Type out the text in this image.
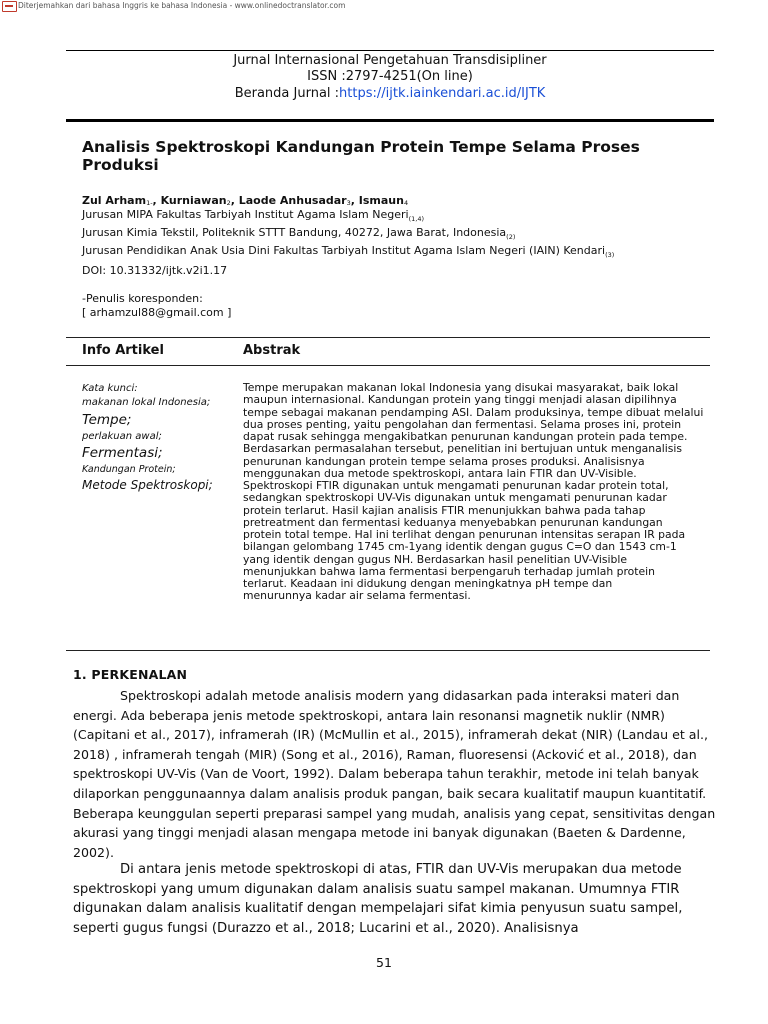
Diterjemahkan dari bahasa Inggris ke bahasa Indonesia - www.onlinedoctranslator.com
Jurnal Internasional Pengetahuan Transdisipliner
ISSN :2797-4251(On line)
Beranda Jurnal :https://ijtk.iainkendari.ac.id/IJTK
Analisis Spektroskopi Kandungan Protein Tempe Selama Proses
Produksi
Zul Arham$_{1-}$, Kurniawan$_2$, Laode Anhusadar$_3$, Ismaun$_4$
Jurusan MIPA Fakultas Tarbiyah Institut Agama Islam Negeri$_{(1,4)}$
Jurusan Kimia Tekstil, Politeknik STTT Bandung, 40272, Jawa Barat, Indonesia$_{(2)}$
Jurusan Pendidikan Anak Usia Dini Fakultas Tarbiyah Institut Agama Islam Negeri (IAIN) Kendari$_{(3)}$
DOI: 10.31332/ijtk.v2i1.17
-Penulis koresponden:
[ arhamzul88@gmail.com ]
Info Artikel	Abstrak
Kata kunci:
makanan lokal Indonesia;
Tempe;
perlakuan awal;
Fermentasi;
Kandungan Protein;
Metode Spektroskopi;
Tempe merupakan makanan lokal Indonesia yang disukai masyarakat, baik lokal
maupun internasional. Kandungan protein yang tinggi menjadi alasan dipilihnya
tempe sebagai makanan pendamping ASI. Dalam produksinya, tempe dibuat melalui
dua proses penting, yaitu pengolahan dan fermentasi. Selama proses ini, protein
dapat rusak sehingga mengakibatkan penurunan kandungan protein pada tempe.
Berdasarkan permasalahan tersebut, penelitian ini bertujuan untuk menganalisis
penurunan kandungan protein tempe selama proses produksi. Analisisnya
menggunakan dua metode spektroskopi, antara lain FTIR dan UV-Visible.
Spektroskopi FTIR digunakan untuk mengamati penurunan kadar protein total,
sedangkan spektroskopi UV-Vis digunakan untuk mengamati penurunan kadar
protein terlarut. Hasil kajian analisis FTIR menunjukkan bahwa pada tahap
pretreatment dan fermentasi keduanya menyebabkan penurunan kandungan
protein total tempe. Hal ini terlihat dengan penurunan intensitas serapan IR pada
bilangan gelombang 1745 cm-1yang identik dengan gugus C=O dan 1543 cm-1
yang identik dengan gugus NH. Berdasarkan hasil penelitian UV-Visible
menunjukkan bahwa lama fermentasi berpengaruh terhadap jumlah protein
terlarut. Keadaan ini didukung dengan meningkatnya pH tempe dan
menurunnya kadar air selama fermentasi.
1. PERKENALAN
Spektroskopi adalah metode analisis modern yang didasarkan pada interaksi materi dan
energi. Ada beberapa jenis metode spektroskopi, antara lain resonansi magnetik nuklir (NMR)
(Capitani et al., 2017), inframerah (IR) (McMullin et al., 2015), inframerah dekat (NIR) (Landau et al.,
2018) , inframerah tengah (MIR) (Song et al., 2016), Raman, fluoresensi (Acković et al., 2018), dan
spektroskopi UV-Vis (Van de Voort, 1992). Dalam beberapa tahun terakhir, metode ini telah banyak
dilaporkan penggunaannya dalam analisis produk pangan, baik secara kualitatif maupun kuantitatif.
Beberapa keunggulan seperti preparasi sampel yang mudah, analisis yang cepat, sensitivitas dengan
akurasi yang tinggi menjadi alasan mengapa metode ini banyak digunakan (Baeten & Dardenne,
2002).
Di antara jenis metode spektroskopi di atas, FTIR dan UV-Vis merupakan dua metode
spektroskopi yang umum digunakan dalam analisis suatu sampel makanan. Umumnya FTIR
digunakan dalam analisis kualitatif dengan mempelajari sifat kimia penyusun suatu sampel,
seperti gugus fungsi (Durazzo et al., 2018; Lucarini et al., 2020). Analisisnya
51
